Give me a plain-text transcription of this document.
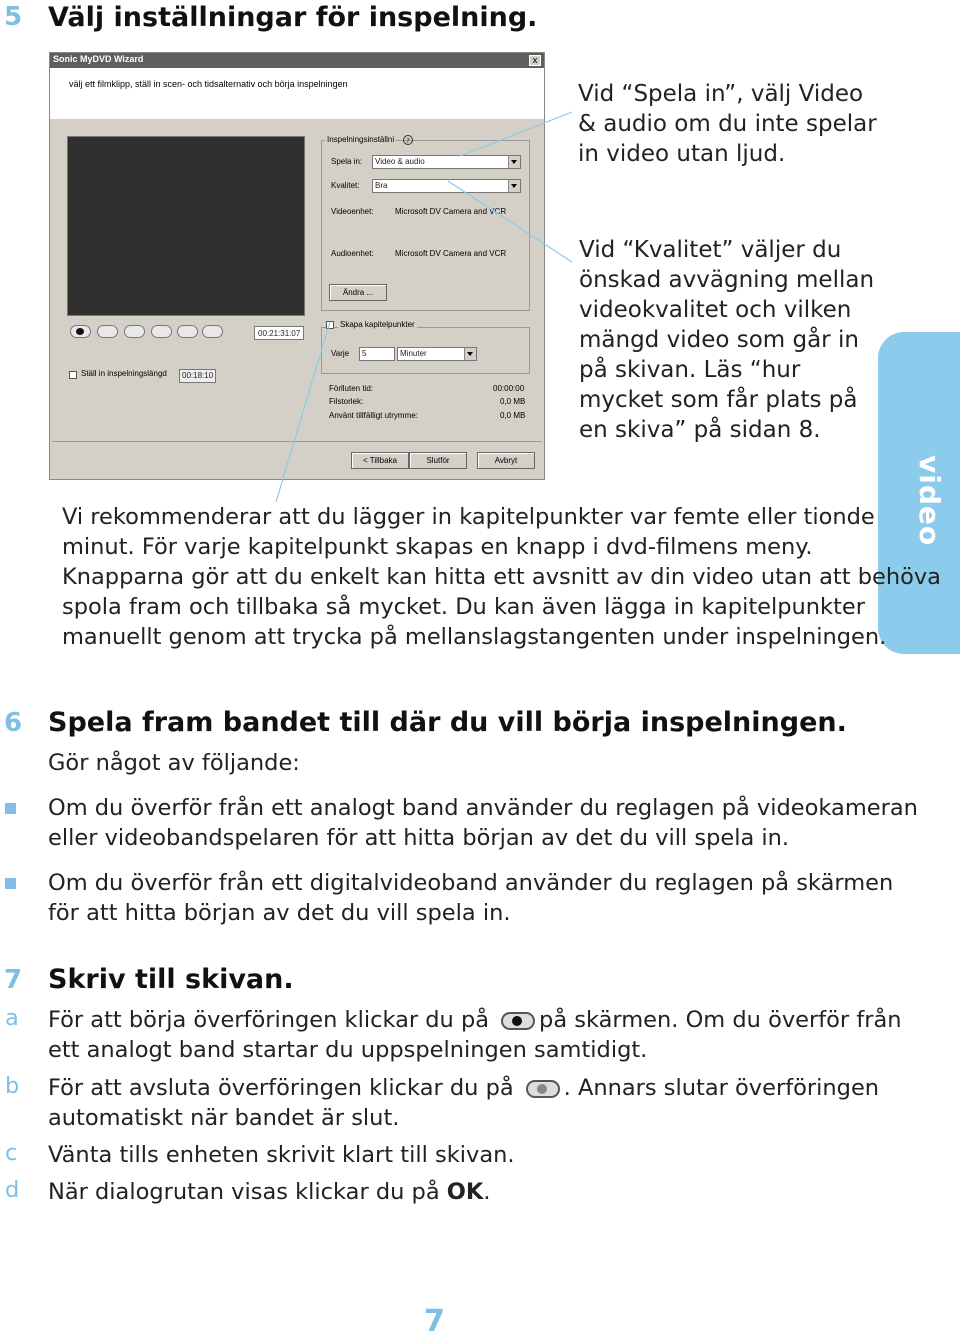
5 Välj inställningar för inspelning.
Sonic MyDVD Wizard	x
välj ett filmklipp, ställ in scen- och tidsalternativ och börja inspelningen
00:21:31:07
Ställ in inspelningslängd	00:18:10
Inspelningsinställni	?
Spela in:	Video & audio
Kvalitet:	Bra
Videoenhet:	Microsoft DV Camera and VCR
Audioenhet:	Microsoft DV Camera and VCR
Ändra ...
Skapa kapitelpunkter
Varje	5	Minuter
Förlluten tid:	00:00:00
Filstorlek:	0,0 MB
Använt tillfälligt utrymme:	0,0 MB
< Tillbaka	Slutför	Avbryt
Vid “Spela in”, välj Video
& audio om du inte spelar
in video utan ljud.
Vid “Kvalitet” väljer du
önskad avvägning mellan
videokvalitet och vilken
mängd video som går in
på skivan. Läs “hur
mycket som får plats på
en skiva” på sidan 8.
video
Vi rekommenderar att du lägger in kapitelpunkter var femte eller tionde
minut. För varje kapitelpunkt skapas en knapp i dvd-filmens meny.
Knapparna gör att du enkelt kan hitta ett avsnitt av din video utan att behöva
spola fram och tillbaka så mycket. Du kan även lägga in kapitelpunkter
manuellt genom att trycka på mellanslagstangenten under inspelningen.
6 Spela fram bandet till där du vill börja inspelningen.
Gör något av följande:
Om du överför från ett analogt band använder du reglagen på videokameran
eller videobandspelaren för att hitta början av det du vill spela in.
Om du överför från ett digitalvideoband använder du reglagen på skärmen
för att hitta början av det du vill spela in.
7 Skriv till skivan.
a För att börja överföringen klickar du på på skärmen. Om du överför från
ett analogt band startar du uppspelningen samtidigt.
b För att avsluta överföringen klickar du på . Annars slutar överföringen
automatiskt när bandet är slut.
c Vänta tills enheten skrivit klart till skivan.
d När dialogrutan visas klickar du på OK.
7
